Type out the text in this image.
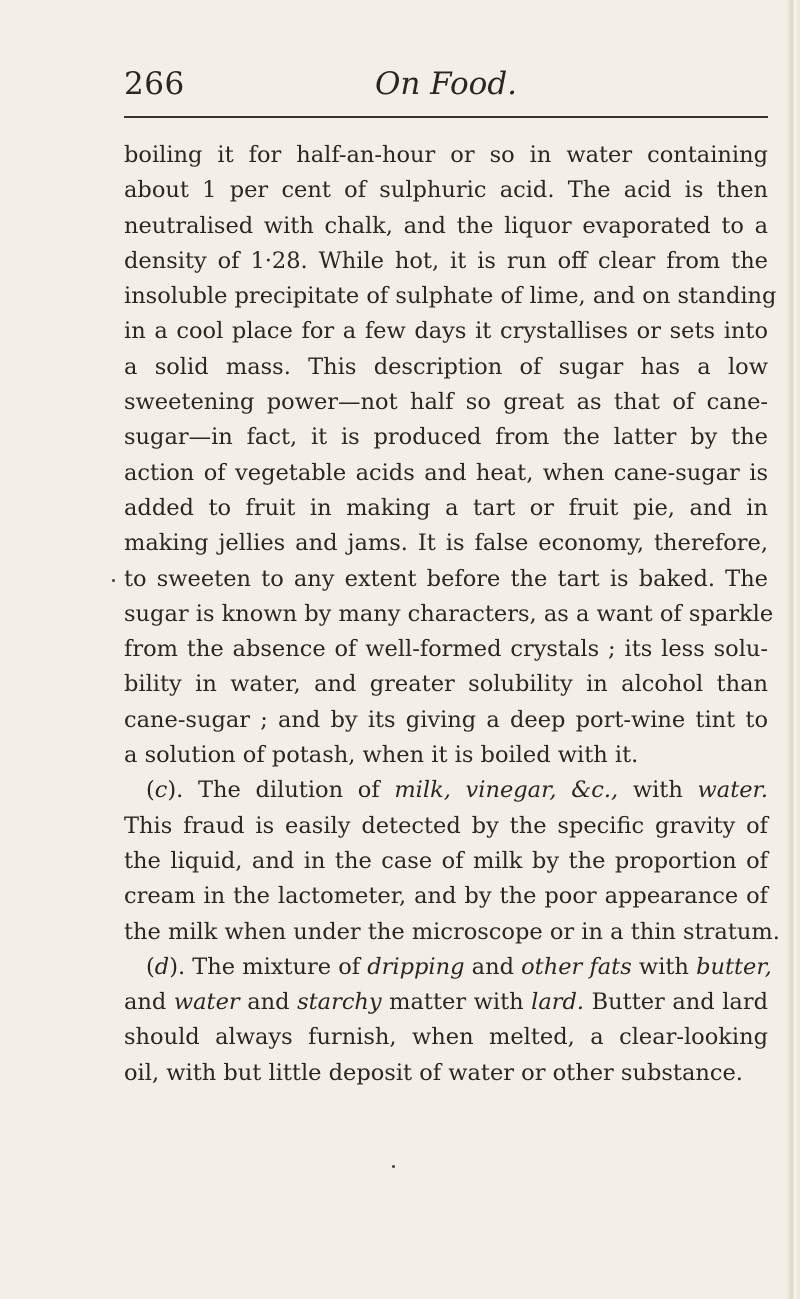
266	On Food.
boiling it for half-an-hour or so in water containing
about 1 per cent of sulphuric acid. The acid is then
neutralised with chalk, and the liquor evaporated to a
density of 1·28. While hot, it is run off clear from the
insoluble precipitate of sulphate of lime, and on standing
in a cool place for a few days it crystallises or sets into
a solid mass. This description of sugar has a low
sweetening power—not half so great as that of cane-
sugar—in fact, it is produced from the latter by the
action of vegetable acids and heat, when cane-sugar is
added to fruit in making a tart or fruit pie, and in
making jellies and jams. It is false economy, therefore,
to sweeten to any extent before the tart is baked. The
sugar is known by many characters, as a want of sparkle
from the absence of well-formed crystals ; its less solu-
bility in water, and greater solubility in alcohol than
cane-sugar ; and by its giving a deep port-wine tint to
a solution of potash, when it is boiled with it.
(c). The dilution of milk, vinegar, &c., with water.
This fraud is easily detected by the specific gravity of
the liquid, and in the case of milk by the proportion of
cream in the lactometer, and by the poor appearance of
the milk when under the microscope or in a thin stratum.
(d). The mixture of dripping and other fats with butter,
and water and starchy matter with lard. Butter and lard
should always furnish, when melted, a clear-looking
oil, with but little deposit of water or other substance.
